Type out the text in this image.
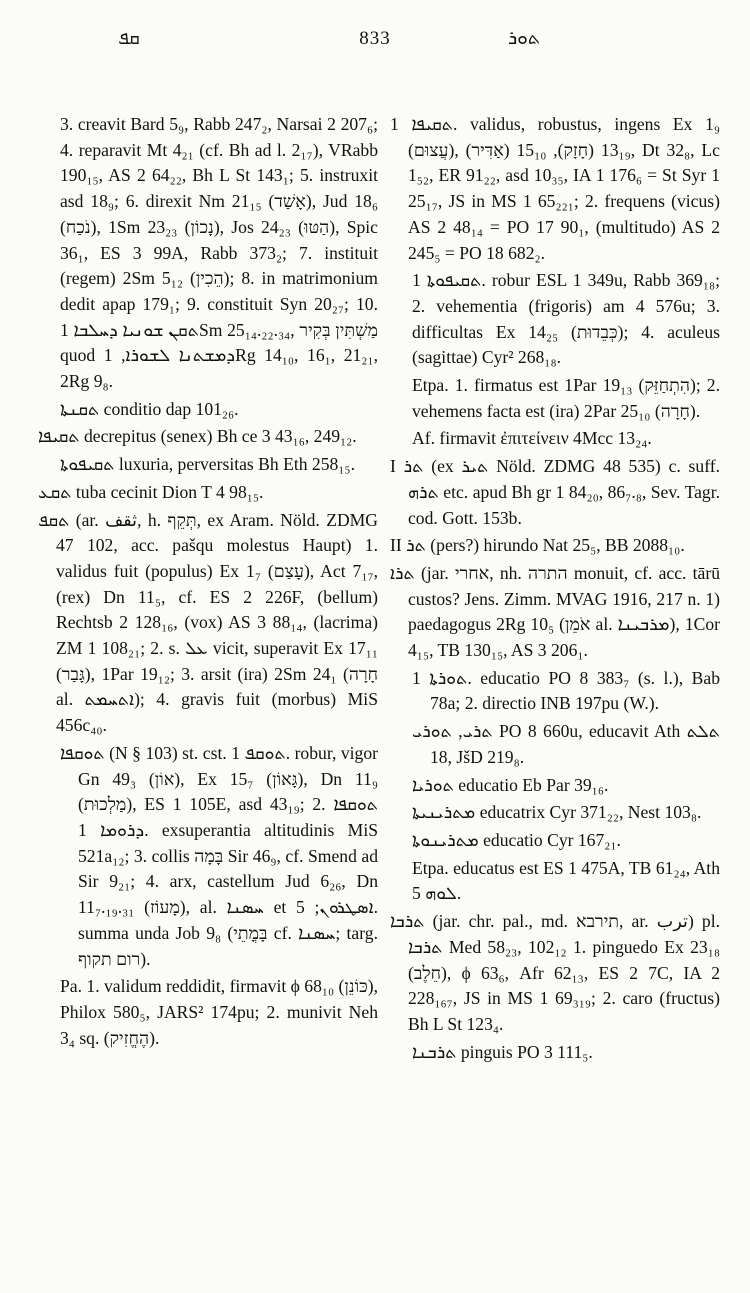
ܩܦ	833	ܬܘܪ
3. creavit Bard 5₉, Rabb 247₂, Narsai 2 207₆; 4. reparavit Mt 4₂₁ (cf. Bh ad l. 2₁₇), VRabb 190₁₅, AS 2 64₂₂, Bh L St 143₁; 5. instruxit asd 18₉; 6. direxit Nm 21₁₅ (אָשַׁד), Jud 18₆ (נֹכַח), 1Sm 23₂₃ (נָכוֹן), Jos 24₂₃ (הַטּוּ), Spic 36₁, ES 3 99A, Rabb 373₂; 7. instituit (regem) 2Sm 5₁₂ (הֵכִין); 8. in matrimonium dedit apap 179₁; 9. constituit Syn 20₂₇; 10. ܬܩܢ ܫܘܢܝܐ ܕܚܠܒܐ 1Sm 25₁₄.₂₂.₃₄, מַשְׁתִּין בְּקִיר quod ܕܡܫܬܢܐ ܠܫܘܪܐ, 1Rg 14₁₀, 16₁, 21₂₁, 2Rg 9₈.
ܬܩܢܬܐ conditio dap 101₂₆.
ܬܩܝܦܐ decrepitus (senex) Bh ce 3 43₁₆, 249₁₂.
ܬܩܝܦܘܬܐ luxuria, perversitas Bh Eth 258₁₅.
ܬܩܥ tuba cecinit Dion T 4 98₁₅.
ܬܩܦ (ar. ثقف, h. תְּקֵף, ex Aram. Nöld. ZDMG 47 102, acc. pašqu molestus Haupt) 1. validus fuit (populus) Ex 1₇ (עָצַם), Act 7₁₇, (rex) Dn 11₅, cf. ES 2 226F, (bellum) Rechtsb 2 128₁₆, (vox) AS 3 88₁₄, (lacrima) ZM 1 108₂₁; 2. s. ܥܠ vicit, superavit Ex 17₁₁ (גָּבַר), 1Par 19₁₂; 3. arsit (ira) 2Sm 24₁ (חָרָה al. ܐܬܚܡܬ); 4. gravis fuit (morbus) MiS 456c₄₀.
ܬܘܩܦܐ (N § 103) st. cst. ܬܘܩܦ 1. robur, vigor Gn 49₃ (אוֹן), Ex 15₇ (גָּאוֹן), Dn 11₉ (מַלְכוּת), ES 1 105E, asd 43₁₉; 2. ܬܘܩܦܐ ܕܪܘܡܐ 1. exsuperantia altitudinis MiS 521a₁₂; 3. collis בָּמָה Sir 46₉, cf. Smend ad Sir 9₂₁; 4. arx, castellum Jud 6₂₆, Dn 11₇.₁₉.₃₁ (מָעוֹז), al. ܚܣܢܐ et ܐܣܛܪܘܢ; 5. summa unda Job 9₈ (בָּמֳתֵי cf. ܚܣܢܐ; targ. רום תקוף).
Pa. 1. validum reddidit, firmavit ϕ 68₁₀ (כּוֹנֵן), Philox 580₅, JARS² 174pu; 2. munivit Neh 3₄ sq. (הֶחֱזִיק).
ܬܩܝܦܐ 1. validus, robustus, ingens Ex 1₉ (עֲצוּם), 13₁₉ (חָזָק), 15₁₀ (אַדִּיר), Dt 32₈, Lc 1₅₂, ER 91₂₂, asd 10₃₅, IA 1 176₆ = St Syr 1 25₁₇, JS in MS 1 65₂₂₁; 2. frequens (vicus) AS 2 48₁₄ = PO 17 90₁, (multitudo) AS 2 245₅ = PO 18 682₂.
ܬܩܝܦܘܬܐ 1. robur ESL 1 349u, Rabb 369₁₈; 2. vehementia (frigoris) am 4 576u; 3. difficultas Ex 14₂₅ (כְּבֵדוּת); 4. aculeus (sagittae) Cyr² 268₁₈.
Etpa. 1. firmatus est 1Par 19₁₃ (הִתְחַזֵּק); 2. vehemens facta est (ira) 2Par 25₁₀ (חָרָה).
Af. firmavit ἐπιτείνειν 4Mcc 13₂₄.
I ܬܪ (ex ܬܝܪ Nöld. ZDMG 48 535) c. suff. ܬܪܗ etc. apud Bh gr 1 84₂₀, 86₇.₈, Sev. Tagr. cod. Gott. 153b.
II ܬܪ (pers?) hirundo Nat 25₅, BB 2088₁₀.
ܬܪܐ (jar. אחרי, nh. התרה monuit, cf. acc. tārū custos? Jens. Zimm. MVAG 1916, 217 n. 1) paedagogus 2Rg 10₅ (אֹמֵן al. ܡܪܒܝܢܐ), 1Cor 4₁₅, TB 130₁₅, AS 3 206₁.
ܬܘܪܬܐ 1. educatio PO 8 383₇ (s. l.), Bab 78a; 2. directio INB 197pu (W.).
ܬܪܝ, ܬܘܪܝ PO 8 660u, educavit Ath ܬܠܬ 18, JšD 219₈.
ܬܘܪܝܐ educatio Eb Par 39₁₆.
ܡܬܪܝܢܝܬܐ educatrix Cyr 371₂₂, Nest 103₈.
ܡܬܪܝܢܘܬܐ educatio Cyr 167₂₁.
Etpa. educatus est ES 1 475A, TB 61₂₄, Ath ܠܘܗ 5.
ܬܪܒܐ (jar. chr. pal., md. תירבא, ar. ترب) pl. ܬܪܒܐ Med 58₂₃, 102₁₂ 1. pinguedo Ex 23₁₈ (חֵלֶב), ϕ 63₆, Afr 62₁₃, ES 2 7C, IA 2 228₁₆₇, JS in MS 1 69₃₁₉; 2. caro (fructus) Bh L St 123₄.
ܬܪܒܢܐ pinguis PO 3 111₅.
